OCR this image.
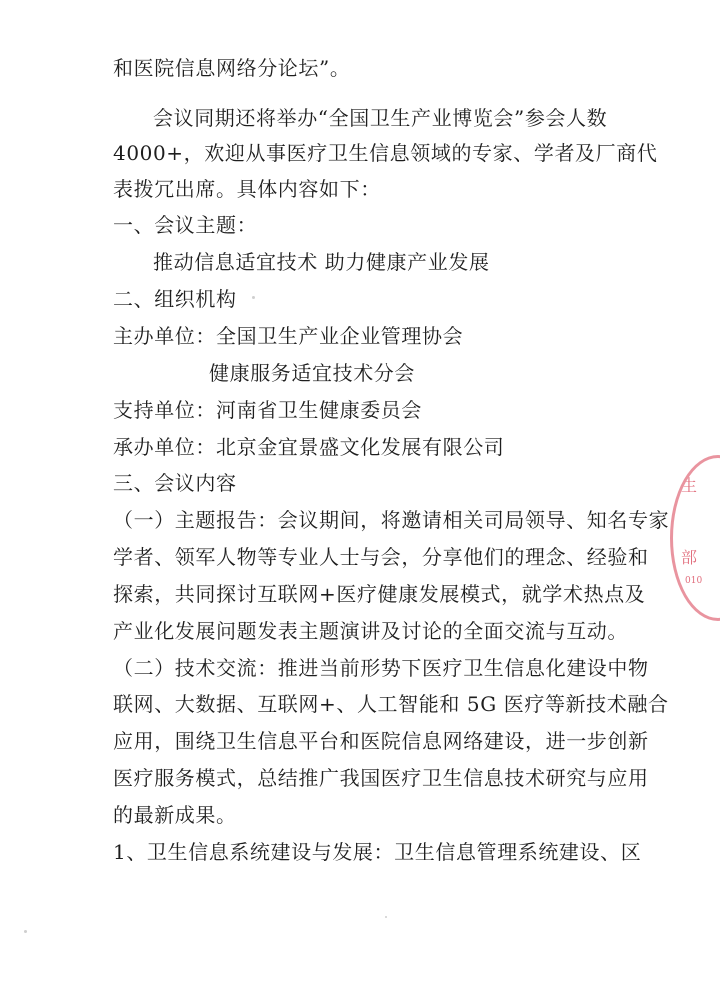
和医院信息网络分论坛”。
会议同期还将举办“全国卫生产业博览会”参会人数
4000+，欢迎从事医疗卫生信息领域的专家、学者及厂商代
表拨冗出席。具体内容如下：
一、会议主题：
推动信息适宜技术 助力健康产业发展
二、组织机构
主办单位：全国卫生产业企业管理协会
健康服务适宜技术分会
支持单位：河南省卫生健康委员会
承办单位：北京金宜景盛文化发展有限公司
三、会议内容
（一）主题报告：会议期间，将邀请相关司局领导、知名专家
学者、领军人物等专业人士与会，分享他们的理念、经验和
探索，共同探讨互联网+医疗健康发展模式，就学术热点及
产业化发展问题发表主题演讲及讨论的全面交流与互动。
（二）技术交流：推进当前形势下医疗卫生信息化建设中物
联网、大数据、互联网+、人工智能和 5G 医疗等新技术融合
应用，围绕卫生信息平台和医院信息网络建设，进一步创新
医疗服务模式，总结推广我国医疗卫生信息技术研究与应用
的最新成果。
1、卫生信息系统建设与发展：卫生信息管理系统建设、区
生
部
010
